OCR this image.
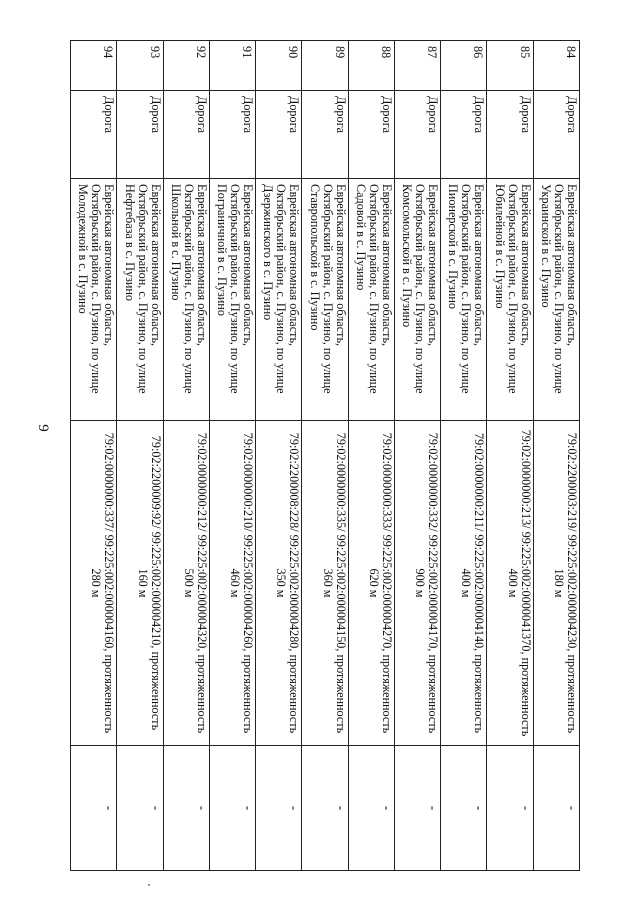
9
84	Дорога	Еврейская автономная область, Октябрьский район, с. Пузино, по улице Украинской в с. Пузино	79:02:2200003:219/ 99:225:002:000004230, протяженность 180 м	-
85	Дорога	Еврейская автономная область, Октябрьский район, с. Пузино, по улице Юбилейной в с. Пузино	79:02:0000000:213/ 99:225:002:0000041370, протяженность 400 м	-
86	Дорога	Еврейская автономная область, Октябрьский район, с. Пузино, по улице Пионерской в с. Пузино	79:02:0000000:211/ 99:225:002:000004140, протяженность 400 м	-
87	Дорога	Еврейская автономная область, Октябрьский район, с. Пузино, по улице Комсомольской в с. Пузино	79:02:0000000:332/ 99:225:002:000004170, протяженность 900 м	-
88	Дорога	Еврейская автономная область, Октябрьский район, с. Пузино, по улице Садовой в с. Пузино	79:02:0000000:333/ 99:225:002:000004270, протяженность 620 м	-
89	Дорога	Еврейская автономная область, Октябрьский район, с. Пузино, по улице Ставропольской в с. Пузино	79:02:0000000:335/ 99:225:002:000004150, протяженность 360 м	-
90	Дорога	Еврейская автономная область, Октябрьский район, с. Пузино, по улице Дзержинского в с. Пузино	79:02:2200008:228/ 99:225:002:000004280, протяженность 350 м	-
91	Дорога	Еврейская автономная область, Октябрьский район, с. Пузино, по улице Пограничной в с. Пузино	79:02:0000000:210/ 99:225:002:000004260, протяженность 460 м	-
92	Дорога	Еврейская автономная область, Октябрьский район, с. Пузино, по улице Школьной в с. Пузино	79:02:0000000:212/ 99:225:002:000004320, протяженность 500 м	-
93	Дорога	Еврейская автономная область, Октябрьский район, с. Пузино, по улице Нефтебаза в с. Пузино	79:02:2200009:92/ 99:225:002:000004210, протяженность 160 м	-
94	Дорога	Еврейская автономная область, Октябрьский район, с. Пузино, по улице Молодежной в с. Пузино	79:02:0000000:337/ 99:225:002:000004160, протяженность 280 м	-
